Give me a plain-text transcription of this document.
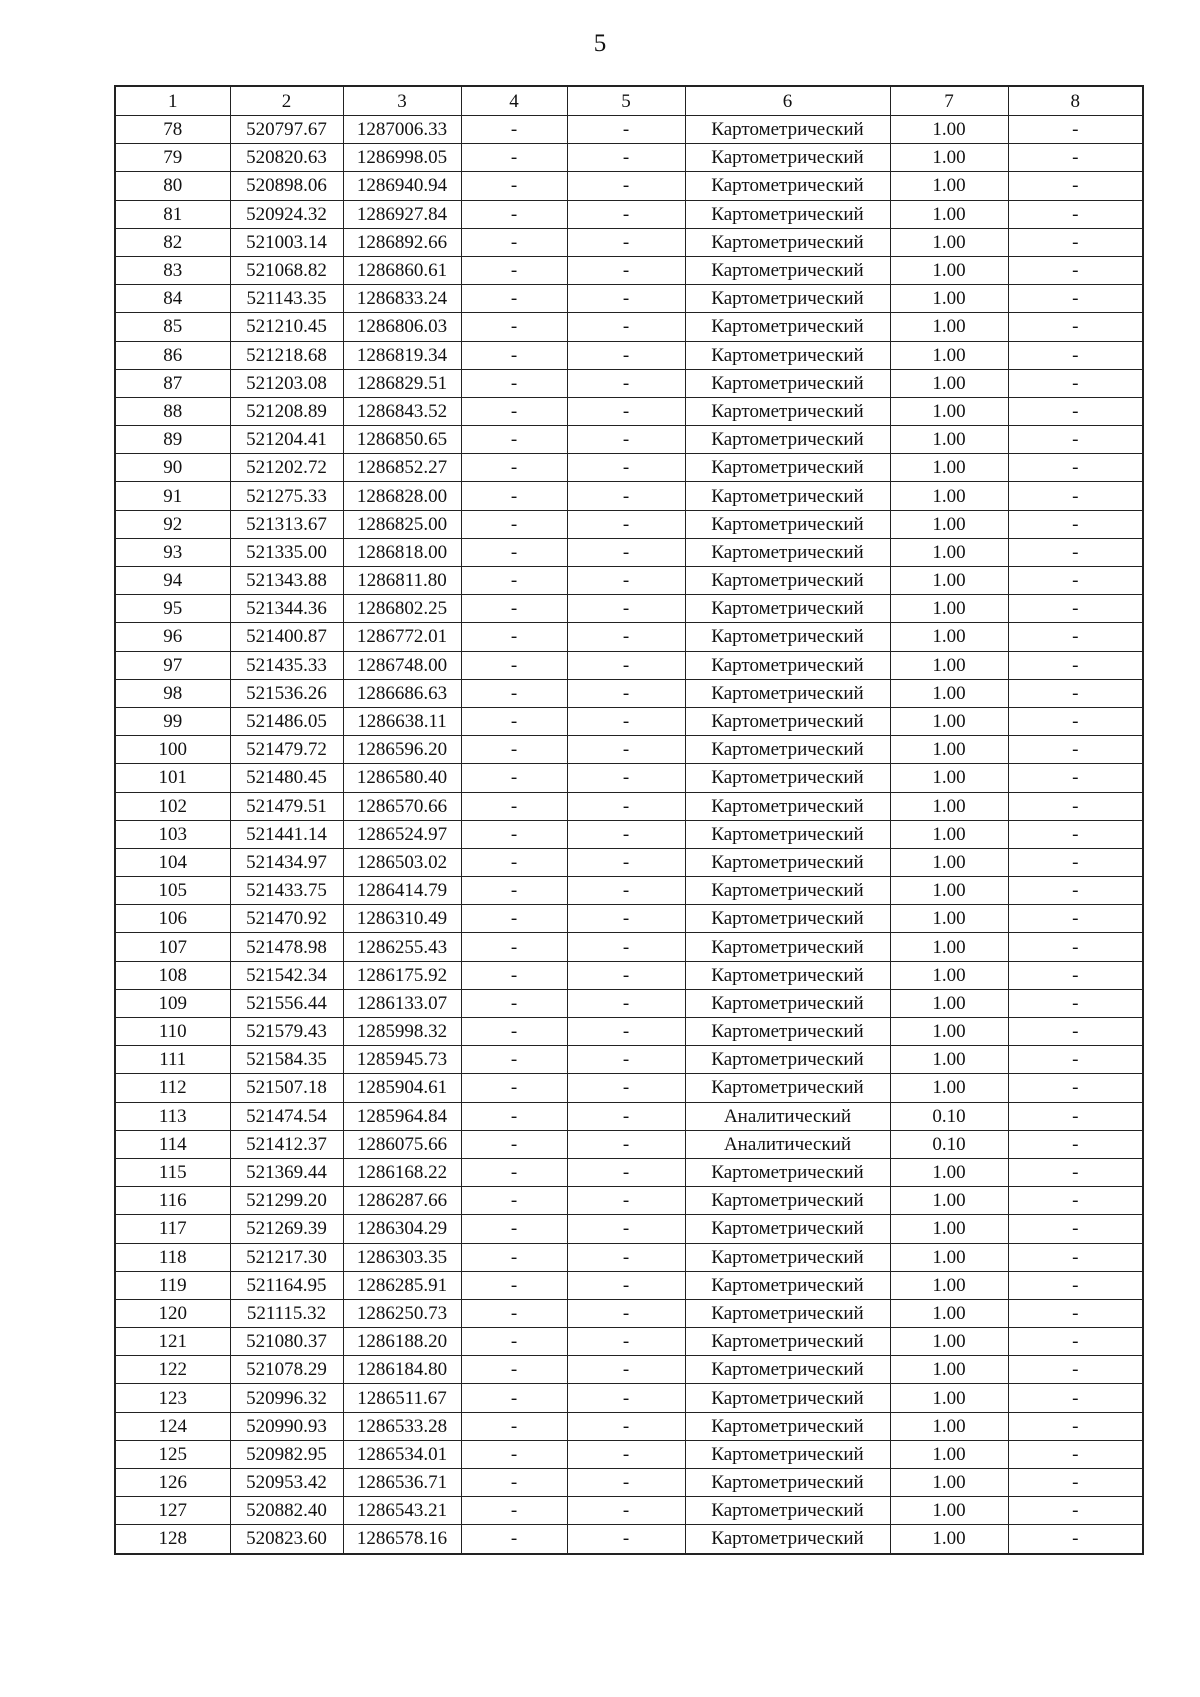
5
1	2	3	4	5	6	7	8
78	520797.67	1287006.33	-	-	Картометрический	1.00	-
79	520820.63	1286998.05	-	-	Картометрический	1.00	-
80	520898.06	1286940.94	-	-	Картометрический	1.00	-
81	520924.32	1286927.84	-	-	Картометрический	1.00	-
82	521003.14	1286892.66	-	-	Картометрический	1.00	-
83	521068.82	1286860.61	-	-	Картометрический	1.00	-
84	521143.35	1286833.24	-	-	Картометрический	1.00	-
85	521210.45	1286806.03	-	-	Картометрический	1.00	-
86	521218.68	1286819.34	-	-	Картометрический	1.00	-
87	521203.08	1286829.51	-	-	Картометрический	1.00	-
88	521208.89	1286843.52	-	-	Картометрический	1.00	-
89	521204.41	1286850.65	-	-	Картометрический	1.00	-
90	521202.72	1286852.27	-	-	Картометрический	1.00	-
91	521275.33	1286828.00	-	-	Картометрический	1.00	-
92	521313.67	1286825.00	-	-	Картометрический	1.00	-
93	521335.00	1286818.00	-	-	Картометрический	1.00	-
94	521343.88	1286811.80	-	-	Картометрический	1.00	-
95	521344.36	1286802.25	-	-	Картометрический	1.00	-
96	521400.87	1286772.01	-	-	Картометрический	1.00	-
97	521435.33	1286748.00	-	-	Картометрический	1.00	-
98	521536.26	1286686.63	-	-	Картометрический	1.00	-
99	521486.05	1286638.11	-	-	Картометрический	1.00	-
100	521479.72	1286596.20	-	-	Картометрический	1.00	-
101	521480.45	1286580.40	-	-	Картометрический	1.00	-
102	521479.51	1286570.66	-	-	Картометрический	1.00	-
103	521441.14	1286524.97	-	-	Картометрический	1.00	-
104	521434.97	1286503.02	-	-	Картометрический	1.00	-
105	521433.75	1286414.79	-	-	Картометрический	1.00	-
106	521470.92	1286310.49	-	-	Картометрический	1.00	-
107	521478.98	1286255.43	-	-	Картометрический	1.00	-
108	521542.34	1286175.92	-	-	Картометрический	1.00	-
109	521556.44	1286133.07	-	-	Картометрический	1.00	-
110	521579.43	1285998.32	-	-	Картометрический	1.00	-
111	521584.35	1285945.73	-	-	Картометрический	1.00	-
112	521507.18	1285904.61	-	-	Картометрический	1.00	-
113	521474.54	1285964.84	-	-	Аналитический	0.10	-
114	521412.37	1286075.66	-	-	Аналитический	0.10	-
115	521369.44	1286168.22	-	-	Картометрический	1.00	-
116	521299.20	1286287.66	-	-	Картометрический	1.00	-
117	521269.39	1286304.29	-	-	Картометрический	1.00	-
118	521217.30	1286303.35	-	-	Картометрический	1.00	-
119	521164.95	1286285.91	-	-	Картометрический	1.00	-
120	521115.32	1286250.73	-	-	Картометрический	1.00	-
121	521080.37	1286188.20	-	-	Картометрический	1.00	-
122	521078.29	1286184.80	-	-	Картометрический	1.00	-
123	520996.32	1286511.67	-	-	Картометрический	1.00	-
124	520990.93	1286533.28	-	-	Картометрический	1.00	-
125	520982.95	1286534.01	-	-	Картометрический	1.00	-
126	520953.42	1286536.71	-	-	Картометрический	1.00	-
127	520882.40	1286543.21	-	-	Картометрический	1.00	-
128	520823.60	1286578.16	-	-	Картометрический	1.00	-
